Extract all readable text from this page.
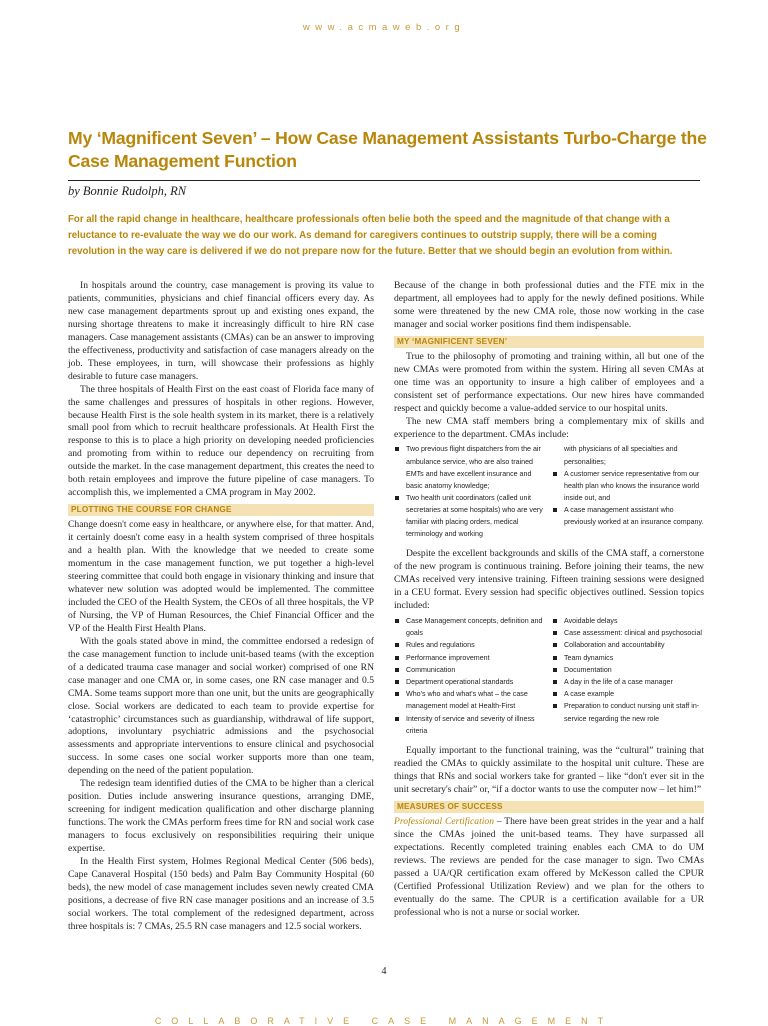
www.acmaweb.org
My ‘Magnificent Seven’ – How Case Management Assistants Turbo-Charge the Case Management Function

by Bonnie Rudolph, RN

For all the rapid change in healthcare, healthcare professionals often belie both the speed and the magnitude of that change with a reluctance to re-evaluate the way we do our work. As demand for caregivers continues to outstrip supply, there will be a coming revolution in the way care is delivered if we do not prepare now for the future. Better that we should begin an evolution from within.

In hospitals around the country, case management is proving its value to patients, communities, physicians and chief financial officers every day. As new case management departments sprout up and existing ones expand, the nursing shortage threatens to make it increasingly difficult to hire RN case managers. Case management assistants (CMAs) can be an answer to improving the effectiveness, productivity and satisfaction of case managers already on the job. These employees, in turn, will showcase their professions as highly desirable to future case managers.

The three hospitals of Health First on the east coast of Florida face many of the same challenges and pressures of hospitals in other regions. However, because Health First is the sole health system in its market, there is a relatively small pool from which to recruit healthcare professionals. At Health First the response to this is to place a high priority on developing needed proficiencies and promoting from within to reduce our dependency on recruiting from outside the market. In the case management department, this creates the need to both retain employees and improve the future pipeline of case managers. To accomplish this, we implemented a CMA program in May 2002.

PLOTTING THE COURSE FOR CHANGE

Change doesn't come easy in healthcare, or anywhere else, for that matter. And, it certainly doesn't come easy in a health system comprised of three hospitals and a health plan. With the knowledge that we needed to create some momentum in the case management function, we put together a high-level steering committee that could both engage in visionary thinking and insure that whatever new solution was adopted would be implemented. The committee included the CEO of the Health System, the CEOs of all three hospitals, the VP of Nursing, the VP of Human Resources, the Chief Financial Officer and the VP of the Health First Health Plans.

With the goals stated above in mind, the committee endorsed a redesign of the case management function to include unit-based teams (with the exception of a dedicated trauma case manager and social worker) comprised of one RN case manager and one CMA or, in some cases, one RN case manager and 0.5 CMA. Some teams support more than one unit, but the units are geographically close. Social workers are dedicated to each team to provide expertise for ‘catastrophic’ circumstances such as guardianship, withdrawal of life support, adoptions, involuntary psychiatric admissions and the psychosocial assessments and appropriate interventions to ensure clinical and psychosocial success. In some cases one social worker supports more than one team, depending on the need of the patient population.

The redesign team identified duties of the CMA to be higher than a clerical position. Duties include answering insurance questions, arranging DME, screening for indigent medication qualification and other discharge planning functions. The work the CMAs perform frees time for RN and social work case managers to focus exclusively on responsibilities requiring their unique expertise.

In the Health First system, Holmes Regional Medical Center (506 beds), Cape Canaveral Hospital (150 beds) and Palm Bay Community Hospital (60 beds), the new model of case management includes seven newly created CMA positions, a decrease of five RN case manager positions and an increase of 3.5 social workers. The total complement of the redesigned department, across three hospitals is: 7 CMAs, 25.5 RN case managers and 12.5 social workers.

Because of the change in both professional duties and the FTE mix in the department, all employees had to apply for the newly defined positions. While some were threatened by the new CMA role, those now working in the case manager and social worker positions find them indispensable.

MY ‘MAGNIFICENT SEVEN’

True to the philosophy of promoting and training within, all but one of the new CMAs were promoted from within the system. Hiring all seven CMAs at one time was an opportunity to insure a high caliber of employees and a consistent set of performance expectations. Our new hires have commanded respect and quickly become a value-added service to our hospital units.

The new CMA staff members bring a complementary mix of skills and experience to the department. CMAs include:

Two previous flight dispatchers from the air ambulance service, who are also trained EMTs and have excellent insurance and basic anatomy knowledge;
Two health unit coordinators (called unit secretaries at some hospitals) who are very familiar with placing orders, medical terminology and working
with physicians of all specialties and personalities;
A customer service representative from our health plan who knows the insurance world inside out, and
A case management assistant who previously worked at an insurance company.

Despite the excellent backgrounds and skills of the CMA staff, a cornerstone of the new program is continuous training. Before joining their teams, the new CMAs received very intensive training. Fifteen training sessions were designed in a CEU format. Every session had specific objectives outlined. Session topics included:

Case Management concepts, definition and goals
Rules and regulations
Performance improvement
Communication
Department operational standards
Who's who and what's what – the case management model at Health-First
Intensity of service and severity of illness criteria
Avoidable delays
Case assessment: clinical and psychosocial
Collaboration and accountability
Team dynamics
Documentation
A day in the life of a case manager
A case example
Preparation to conduct nursing unit staff in-service regarding the new role

Equally important to the functional training, was the “cultural” training that readied the CMAs to quickly assimilate to the hospital unit culture. These are things that RNs and social workers take for granted – like “don't ever sit in the unit secretary's chair” or, “if a doctor wants to use the computer now – let him!”

MEASURES OF SUCCESS

Professional Certification – There have been great strides in the year and a half since the CMAs joined the unit-based teams. They have surpassed all expectations. Recently completed training enables each CMA to do UM reviews. The reviews are pended for the case manager to sign. Two CMAs passed a UA/QR certification exam offered by McKesson called the CPUR (Certified Professional Utilization Review) and we plan for the others to eventually do the same. The CPUR is a certification available for a UR professional who is not a nurse or social worker.

4
COLLABORATIVE CASE MANAGEMENT
